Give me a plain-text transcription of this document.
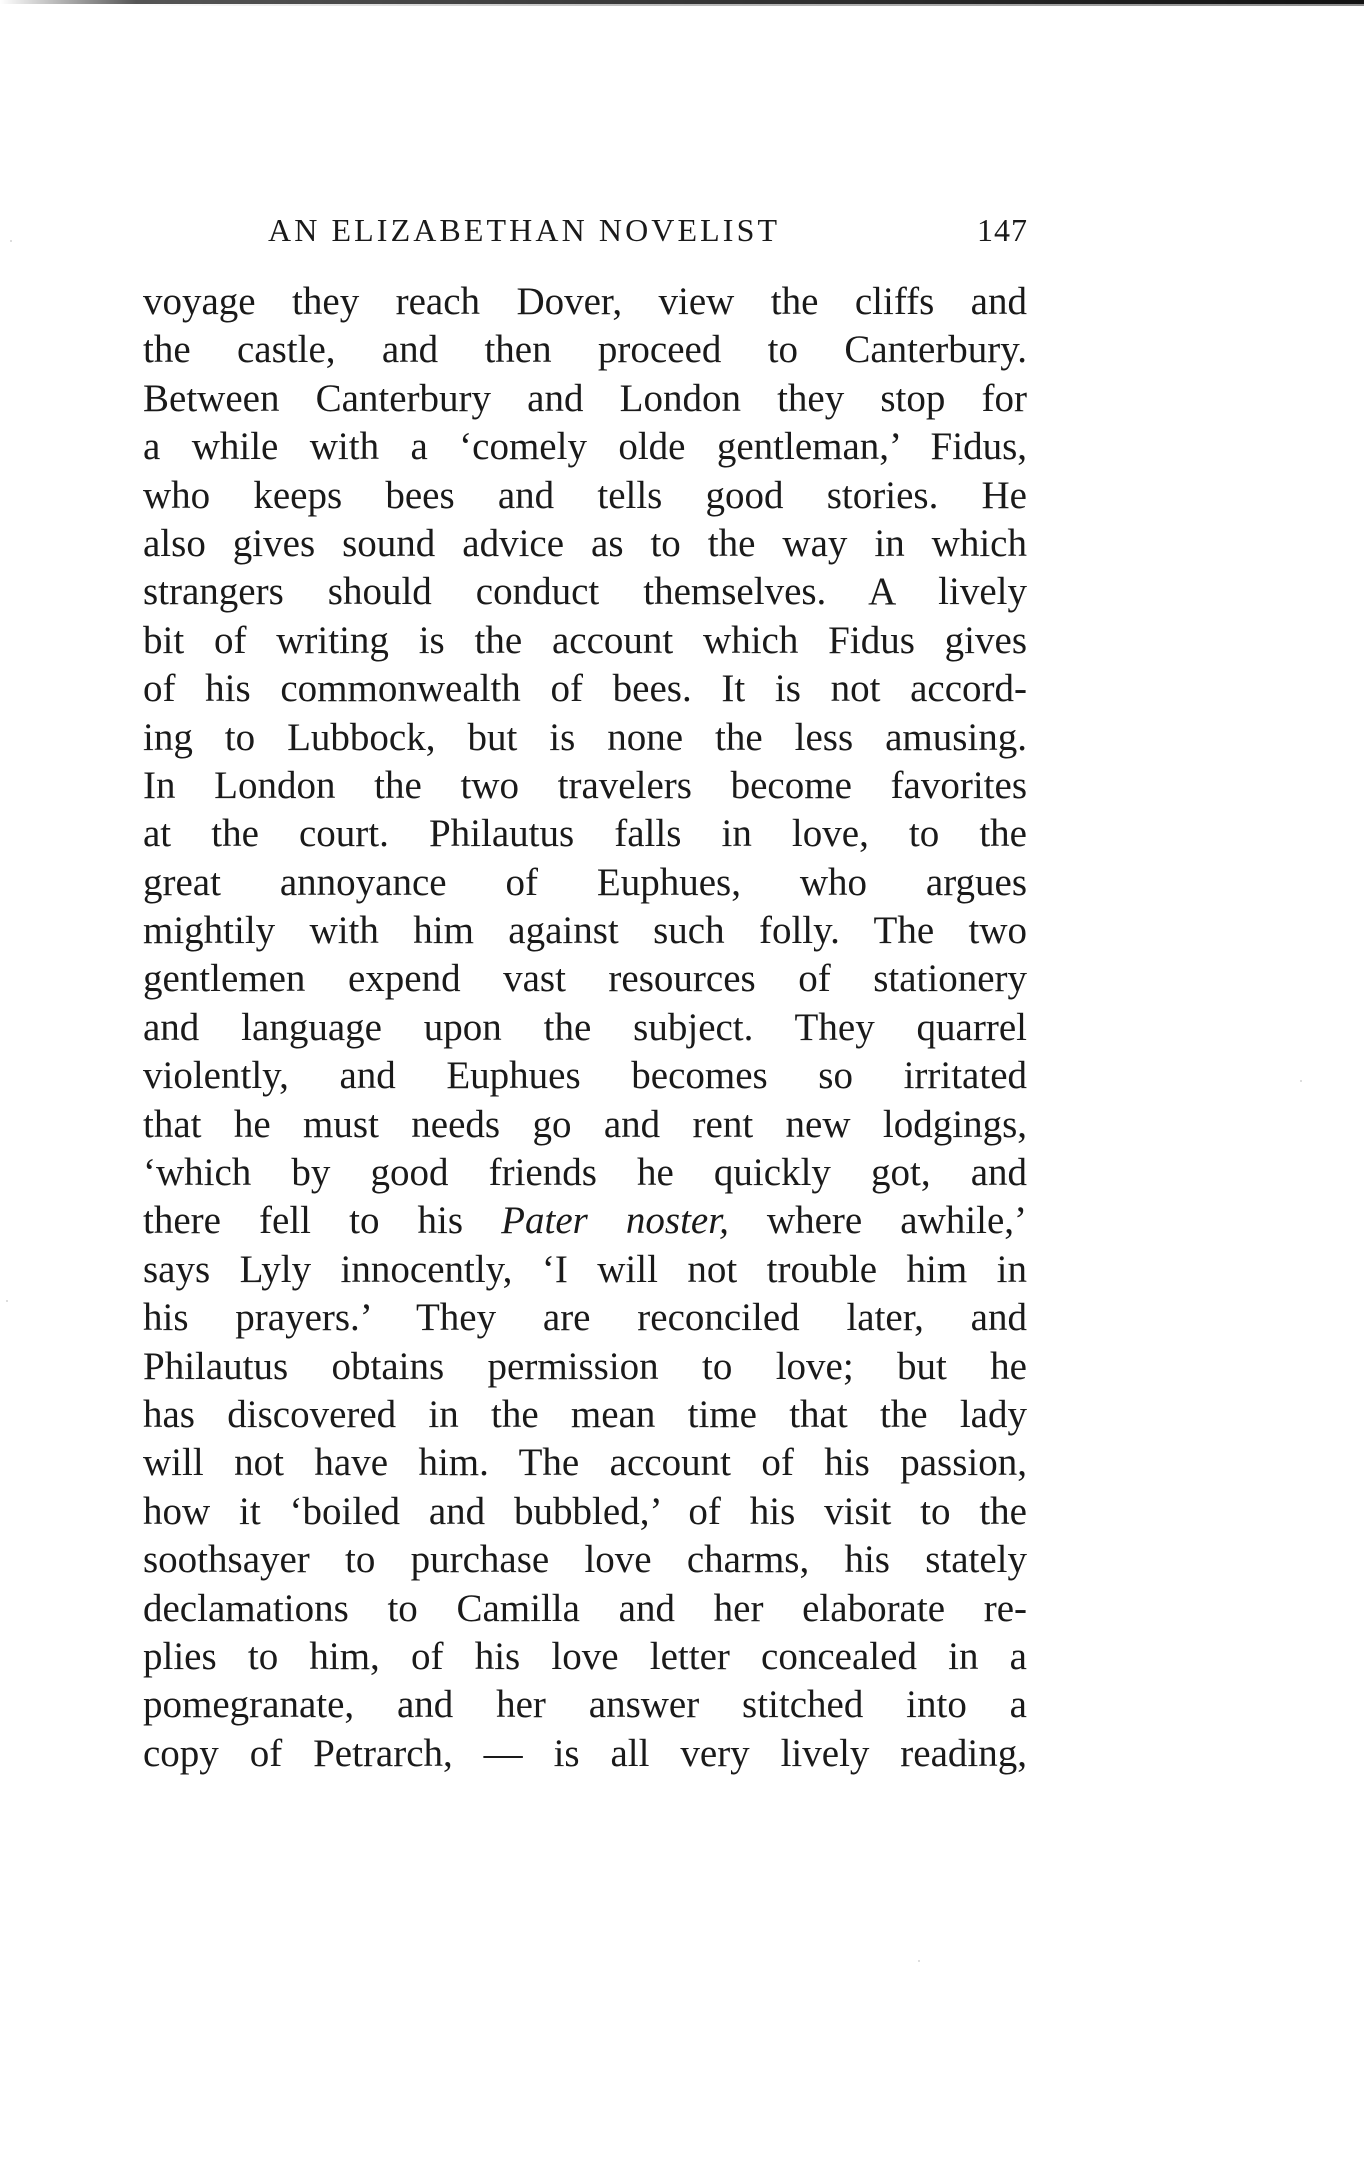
AN ELIZABETHAN NOVELIST	147
voyage they reach Dover, view the cliffs and
the castle, and then proceed to Canterbury.
Between Canterbury and London they stop for
a while with a ‘comely olde gentleman,’ Fidus,
who keeps bees and tells good stories. He
also gives sound advice as to the way in which
strangers should conduct themselves. A lively
bit of writing is the account which Fidus gives
of his commonwealth of bees. It is not accord-
ing to Lubbock, but is none the less amusing.
In London the two travelers become favorites
at the court. Philautus falls in love, to the
great annoyance of Euphues, who argues
mightily with him against such folly. The two
gentlemen expend vast resources of stationery
and language upon the subject. They quarrel
violently, and Euphues becomes so irritated
that he must needs go and rent new lodgings,
‘which by good friends he quickly got, and
there fell to his Pater noster, where awhile,’
says Lyly innocently, ‘I will not trouble him in
his prayers.’ They are reconciled later, and
Philautus obtains permission to love; but he
has discovered in the mean time that the lady
will not have him. The account of his passion,
how it ‘boiled and bubbled,’ of his visit to the
soothsayer to purchase love charms, his stately
declamations to Camilla and her elaborate re-
plies to him, of his love letter concealed in a
pomegranate, and her answer stitched into a
copy of Petrarch, — is all very lively reading,
